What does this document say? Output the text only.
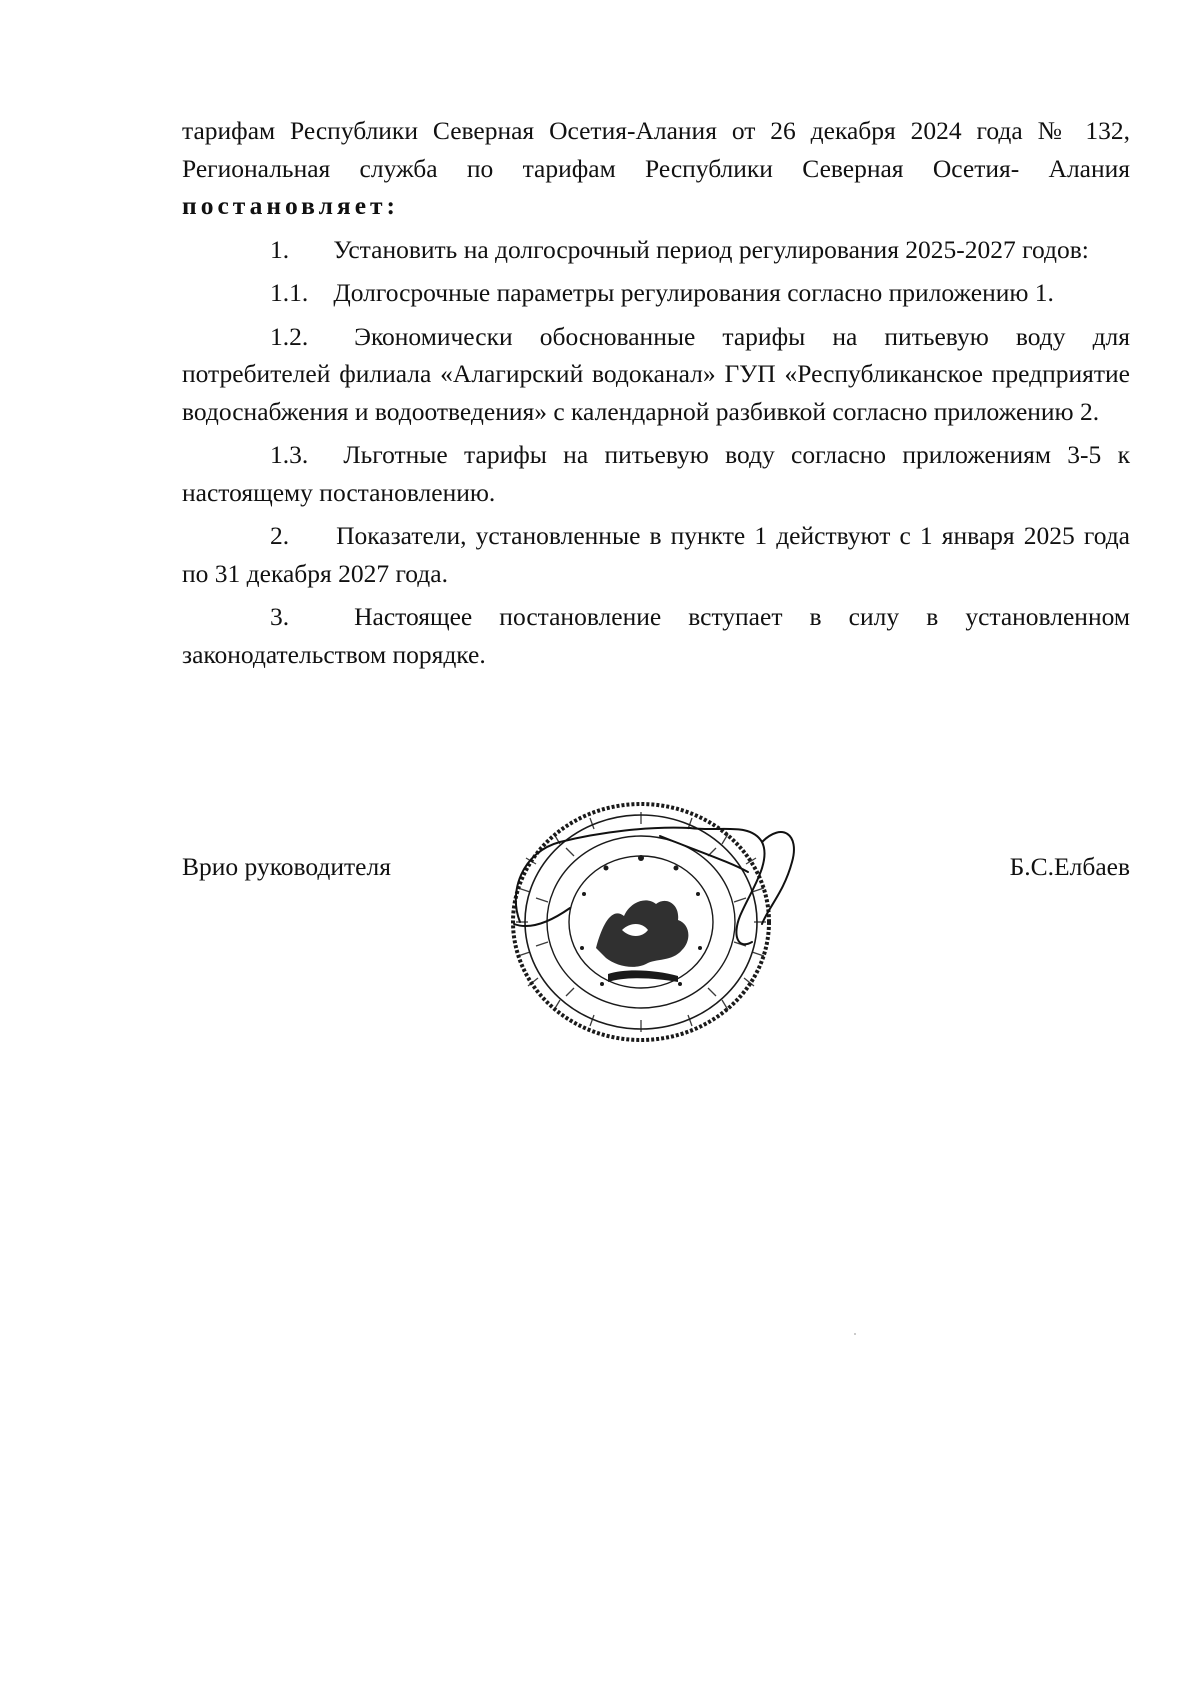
тарифам Республики Северная Осетия-Алания от 26 декабря 2024 года № 132, Региональная служба по тарифам Республики Северная Осетия- Алания постановляет:

1. Установить на долгосрочный период регулирования 2025-2027 годов:

1.1. Долгосрочные параметры регулирования согласно приложению 1.

1.2. Экономически обоснованные тарифы на питьевую воду для потребителей филиала «Алагирский водоканал» ГУП «Республиканское предприятие водоснабжения и водоотведения» с календарной разбивкой согласно приложению 2.

1.3. Льготные тарифы на питьевую воду согласно приложениям 3-5 к настоящему постановлению.

2. Показатели, установленные в пункте 1 действуют с 1 января 2025 года по 31 декабря 2027 года.

3.	Настоящее постановление вступает в силу в установленном законодательством порядке.

Врио руководителя	Б.С.Елбаев
